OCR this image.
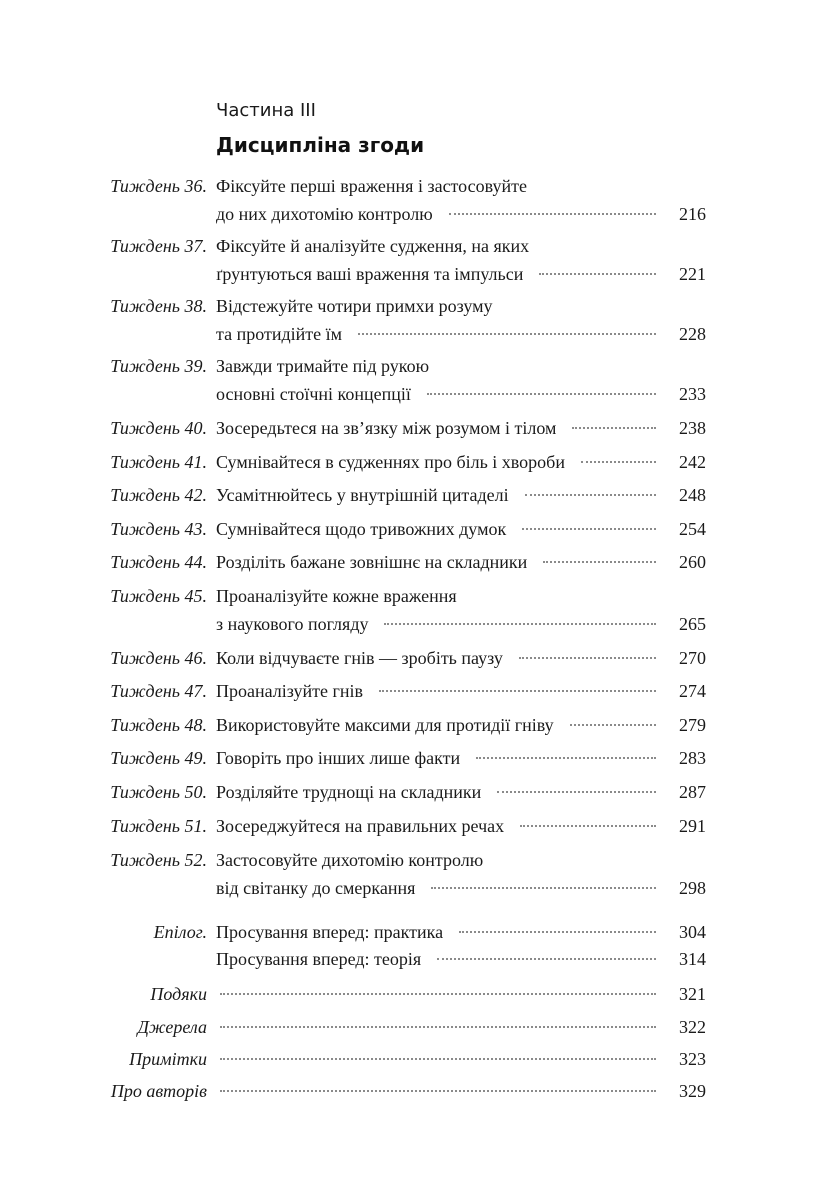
Частина III
Дисципліна згоди
Тиждень 36. Фіксуйте перші враження і застосовуйте
до них дихотомію контролю	216
Тиждень 37. Фіксуйте й аналізуйте судження, на яких
ґрунтуються ваші враження та імпульси	221
Тиждень 38. Відстежуйте чотири примхи розуму
та протидійте їм	228
Тиждень 39. Завжди тримайте під рукою
основні стоїчні концепції	233
Тиждень 40. Зосередьтеся на зв’язку між розумом і тілом	238
Тиждень 41. Сумнівайтеся в судженнях про біль і хвороби	242
Тиждень 42. Усамітнюйтесь у внутрішній цитаделі	248
Тиждень 43. Сумнівайтеся щодо тривожних думок	254
Тиждень 44. Розділіть бажане зовнішнє на складники	260
Тиждень 45. Проаналізуйте кожне враження
з наукового погляду	265
Тиждень 46. Коли відчуваєте гнів — зробіть паузу	270
Тиждень 47. Проаналізуйте гнів	274
Тиждень 48. Використовуйте максими для протидії гніву	279
Тиждень 49. Говоріть про інших лише факти	283
Тиждень 50. Розділяйте труднощі на складники	287
Тиждень 51. Зосереджуйтеся на правильних речах	291
Тиждень 52. Застосовуйте дихотомію контролю
від світанку до смеркання	298
Епілог. Просування вперед: практика	304
Просування вперед: теорія	314
Подяки	321
Джерела	322
Примітки	323
Про авторів	329
